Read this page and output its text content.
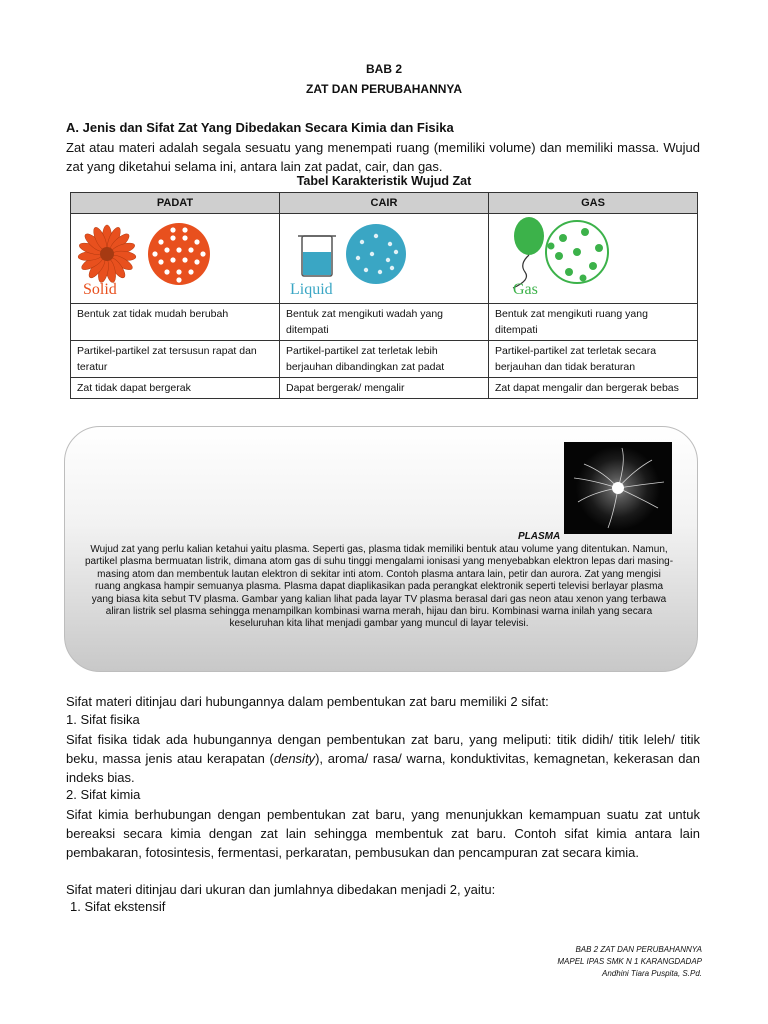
BAB 2
ZAT DAN PERUBAHANNYA
A. Jenis dan Sifat Zat Yang Dibedakan Secara Kimia dan Fisika
Zat atau materi adalah segala sesuatu yang menempati ruang (memiliki volume) dan memiliki massa. Wujud zat yang diketahui selama ini, antara lain zat padat, cair, dan gas.
Tabel Karakteristik Wujud Zat
PADAT	CAIR	GAS

Solid	Liquid	Gas

Bentuk zat tidak mudah berubah	Bentuk zat mengikuti wadah yang ditempati	Bentuk zat mengikuti ruang yang ditempati
Partikel-partikel zat tersusun rapat dan teratur	Partikel-partikel zat terletak lebih berjauhan dibandingkan zat padat	Partikel-partikel zat terletak secara berjauhan dan tidak beraturan
Zat tidak dapat bergerak	Dapat bergerak/ mengalir	Zat dapat mengalir dan bergerak bebas
PLASMA
Wujud zat yang perlu kalian ketahui yaitu plasma. Seperti gas, plasma tidak memiliki bentuk atau volume yang ditentukan. Namun, partikel plasma bermuatan listrik, dimana atom gas di suhu tinggi mengalami ionisasi yang menyebabkan elektron lepas dari masing-masing atom dan membentuk lautan elektron di sekitar inti atom. Contoh plasma antara lain, petir dan aurora. Zat yang mengisi ruang angkasa hampir semuanya plasma. Plasma dapat diaplikasikan pada perangkat elektronik seperti televisi berlayar plasma yang biasa kita sebut TV plasma. Gambar yang kalian lihat pada layar TV plasma berasal dari gas neon atau xenon yang terbawa aliran listrik sel plasma sehingga menampilkan kombinasi warna merah, hijau dan biru. Kombinasi warna inilah yang secara keseluruhan kita lihat menjadi gambar yang muncul di layar televisi.
Sifat materi ditinjau dari hubungannya dalam pembentukan zat baru memiliki 2 sifat:
1. Sifat fisika
Sifat fisika tidak ada hubungannya dengan pembentukan zat baru, yang meliputi: titik didih/ titik leleh/ titik beku, massa jenis atau kerapatan (density), aroma/ rasa/ warna, konduktivitas, kemagnetan, kekerasan dan indeks bias.
2. Sifat kimia
Sifat kimia berhubungan dengan pembentukan zat baru, yang menunjukkan kemampuan suatu zat untuk bereaksi secara kimia dengan zat lain sehingga membentuk zat baru. Contoh sifat kimia antara lain pembakaran, fotosintesis, fermentasi, perkaratan, pembusukan dan pencampuran zat secara kimia.
Sifat materi ditinjau dari ukuran dan jumlahnya dibedakan menjadi 2, yaitu:
1. Sifat ekstensif
BAB 2 ZAT DAN PERUBAHANNYA
MAPEL IPAS SMK N 1 KARANGDADAP
Andhini Tiara Puspita, S.Pd.
